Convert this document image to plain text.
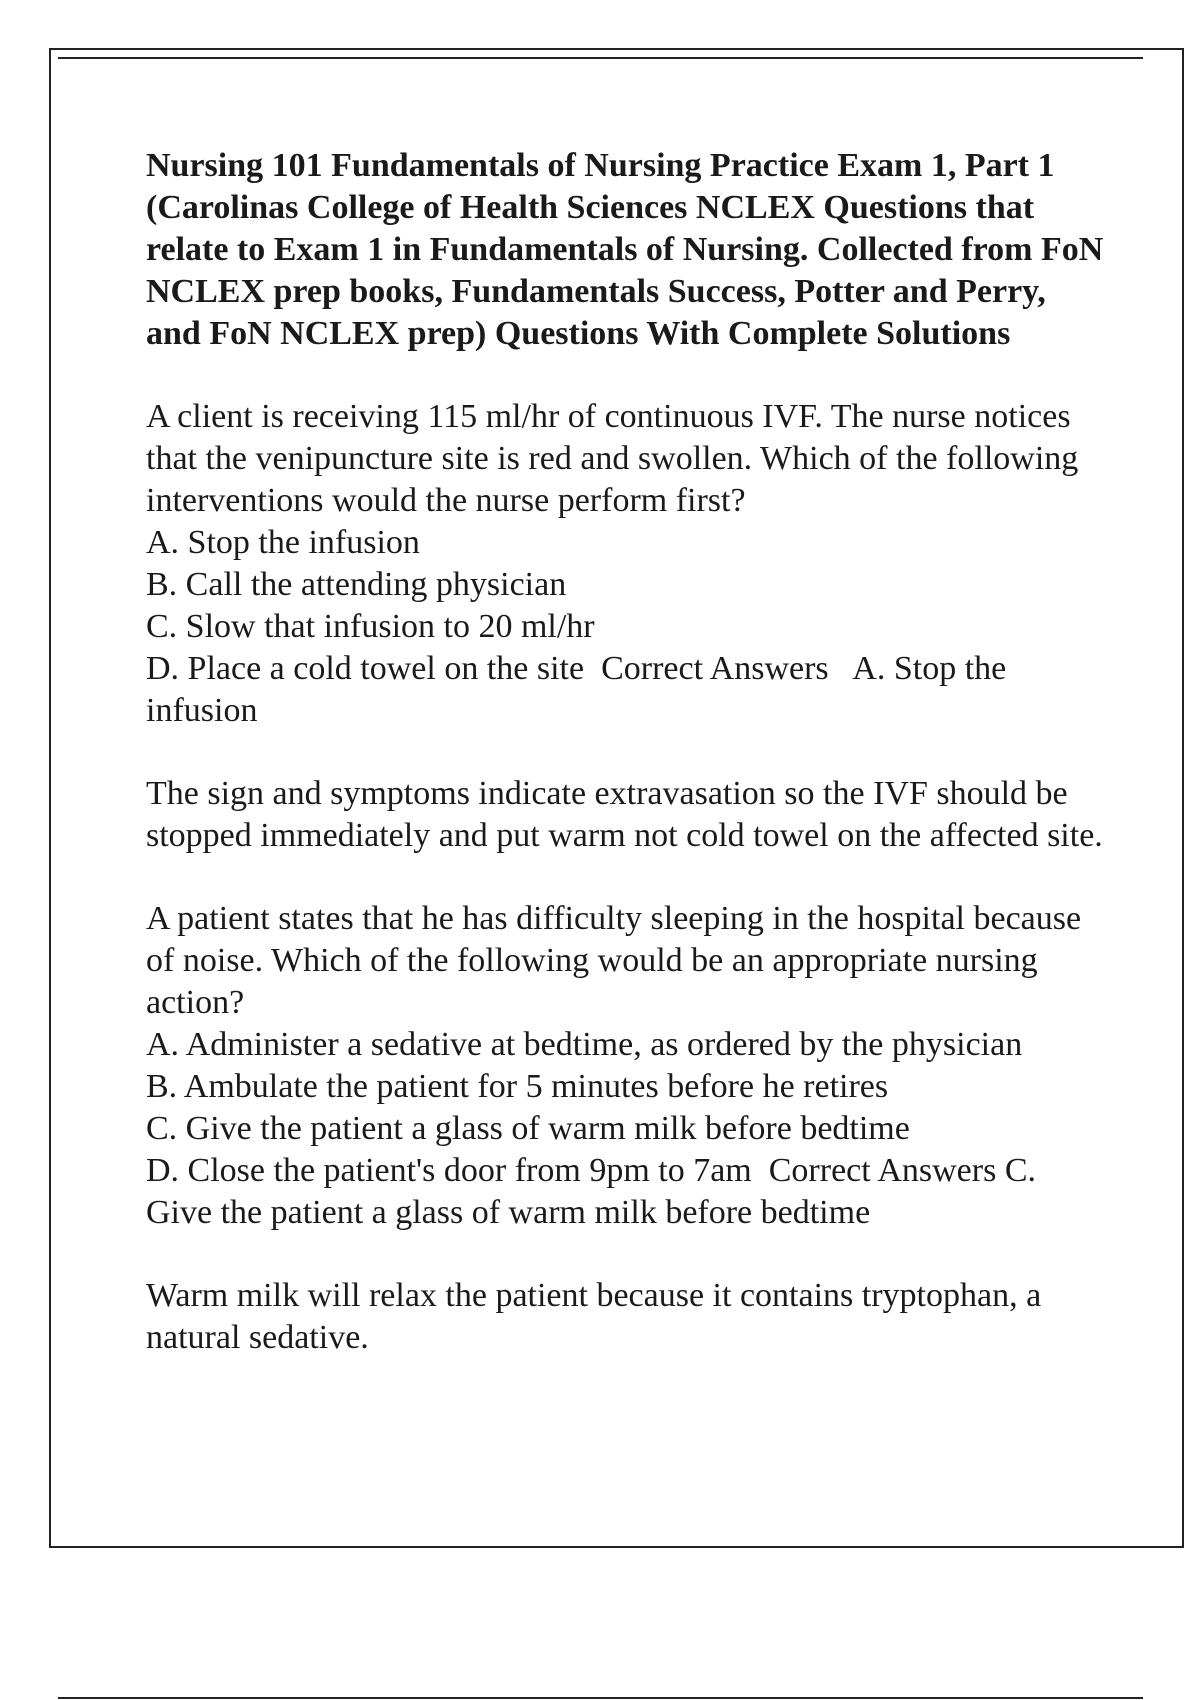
Nursing 101 Fundamentals of Nursing Practice Exam 1, Part 1 (Carolinas College of Health Sciences NCLEX Questions that relate to Exam 1 in Fundamentals of Nursing. Collected from FoN NCLEX prep books, Fundamentals Success, Potter and Perry, and FoN NCLEX prep) Questions With Complete Solutions
A client is receiving 115 ml/hr of continuous IVF. The nurse notices that the venipuncture site is red and swollen. Which of the following interventions would the nurse perform first?
A. Stop the infusion
B. Call the attending physician
C. Slow that infusion to 20 ml/hr
D. Place a cold towel on the site  Correct Answers   A. Stop the infusion
The sign and symptoms indicate extravasation so the IVF should be stopped immediately and put warm not cold towel on the affected site.
A patient states that he has difficulty sleeping in the hospital because of noise. Which of the following would be an appropriate nursing action?
A. Administer a sedative at bedtime, as ordered by the physician
B. Ambulate the patient for 5 minutes before he retires
C. Give the patient a glass of warm milk before bedtime
D. Close the patient's door from 9pm to 7am  Correct Answers C. Give the patient a glass of warm milk before bedtime
Warm milk will relax the patient because it contains tryptophan, a natural sedative.
